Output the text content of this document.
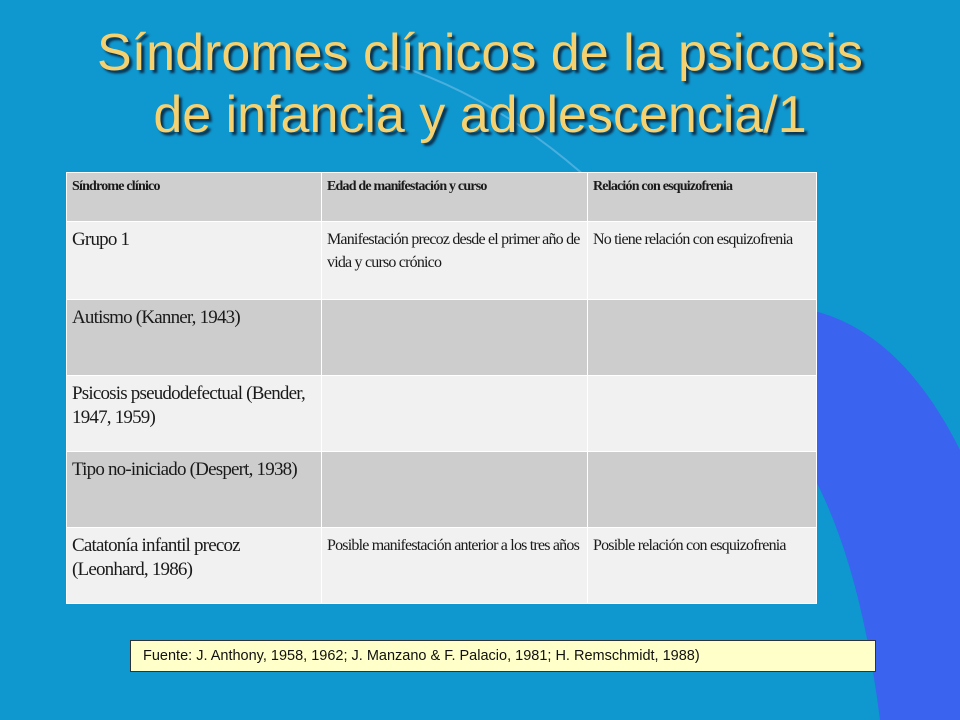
Síndromes clínicos de la psicosis
de infancia y adolescencia/1
Síndrome clínico	Edad de manifestación y curso	Relación con esquizofrenia
Grupo 1	Manifestación precoz desde el primer año de vida y curso crónico	No tiene relación con esquizofrenia
Autismo (Kanner, 1943)		
Psicosis pseudodefectual (Bender, 1947, 1959)		
Tipo no-iniciado (Despert, 1938)		
Catatonía infantil precoz (Leonhard, 1986)	Posible manifestación anterior a los tres años	Posible relación con esquizofrenia
Fuente: J. Anthony, 1958, 1962; J. Manzano & F. Palacio, 1981; H. Remschmidt, 1988)
